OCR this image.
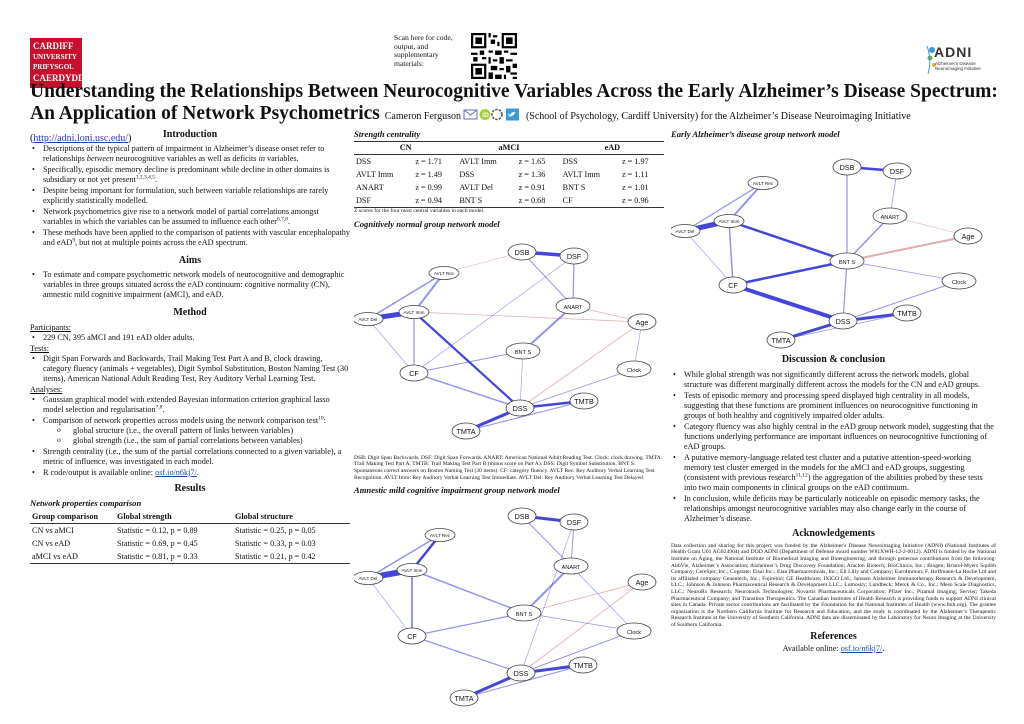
CARDIFF
UNIVERSITY
PRIFYSGOL
CAERDYDD
Scan here for code, output, and supplementary materials:
ADNI
Alzheimer's Disease Neuroimaging Initiative
Understanding the Relationships Between Neurocognitive Variables Across the Early Alzheimer’s Disease Spectrum: An Application of Network Psychometrics Cameron Ferguson	iD	(School of Psychology, Cardiff University) for the Alzheimer’s Disease Neuroimaging Initiative (http://adni.loni.usc.edu/)	Introduction
• Descriptions of the typical pattern of impairment in Alzheimer’s disease onset refer to relationships between neurocognitive variables as well as deficits in variables.
• Specifically, episodic memory decline is predominant while decline in other domains is subsidiary or not yet present$^{1,2,3,4,5}$.
• Despite being important for formulation, such between variable relationships are rarely explicitly statistically modelled.
• Network psychometrics give rise to a network model of partial correlations amongst variables in which the variables can be assumed to influence each other$^{6,7,8}$.
• These methods have been applied to the comparison of patients with vascular encephalopathy and eAD$^9$, but not at multiple points across the eAD spectrum.
Aims
• To estimate and compare psychometric network models of neurocognitive and demographic variables in three groups situated across the eAD continuum: cognitive normality (CN), amnestic mild cognitive impairment (aMCI), and eAD.
Method
Participants:
• 229 CN, 395 aMCI and 191 eAD older adults.
Tests:
• Digit Span Forwards and Backwards, Trail Making Test Part A and B, clock drawing, category fluency (animals + vegetables), Digit Symbol Substitution, Boston Naming Test (30 items), American National Adult Reading Test, Rey Auditory Verbal Learning Test.
Analyses:
• Gaussian graphical model with extended Bayesian information criterion graphical lasso model selection and regularisation$^{7,8}$.
• Comparison of network properties across models using the network comparison test$^{10}$:
o global structure (i.e., the overall pattern of links between variables)
o global strength (i.e., the sum of partial correlations between variables)
• Strength centrality (i.e., the sum of the partial correlations connected to a given variable), a metric of influence, was investigated in each model.
• R code/output is available online: osf.io/n6kj7/.
Results
Network properties comparison
Group comparison	Global strength	Global structure
CN vs aMCI	Statistic = 0.12, p = 0.89	Statistic = 0.25, p = 0.05
CN vs eAD	Statistic = 0.69, p = 0.45	Statistic = 0.33, p = 0.03
aMCI vs eAD	Statistic = 0.81, p = 0.33	Statistic = 0.21, p = 0.42
Strength centrality
CN		aMCI		eAD	
DSS	z = 1.71	AVLT Imm	z = 1.65	DSS	z = 1.97
AVLT Imm	z = 1.49	DSS	z = 1.36	AVLT Imm	z = 1.11
ANART	z = 0.99	AVLT Del	z = 0.91	BNT S	z = 1.01
DSF	z = 0.94	BNT S	z = 0.68	CF	z = 0.96
Z scores for the four most central variables in each model.
Cognitively normal group network model
DSB	DSF
AVLT Rec
AVLT Imm
AVLT Del
ANART
Age
BNT S
CF	Clock
TMTB
DSS
TMTA
DSB: Digit Span Backwards. DSF: Digit Span Forwards. ANART: American National Adult Reading Test. Clock: clock drawing. TMTA: Trail Making Test Part A. TMTB: Trail Making Test Part B (minus score on Part A). DSS: Digit Symbol Substitution. BNT S: Spontaneous correct answers on Boston Naming Test (30 items). CF: category fluency. AVLT Rec: Rey Auditory Verbal Learning Test Recognition. AVLT Imm: Rey Auditory Verbal Learning Test Immediate. AVLT Del: Rey Auditory Verbal Learning Test Delayed.
Amnestic mild cognitive impairment group network model
DSB
DSF
AVLT Rec
AVLT Imm
AVLT Del
ANART
Age
BNT S
CF	Clock
TMTB
DSS
TMTA
Early Alzheimer’s disease group network model
DSB	DSF
AVLT Rec
AVLT Imm
AVLT Del
ANART
Age
BNT S
CF	Clock
TMTB
DSS
TMTA
Discussion & conclusion
• While global strength was not significantly different across the network models, global structure was different marginally different across the models for the CN and eAD groups.
• Tests of episodic memory and processing speed displayed high centrality in all models, suggesting that these functions are prominent influences on neurocognitive functioning in groups of both healthy and cognitively impaired older adults.
• Category fluency was also highly central in the eAD group network model, suggesting that the functions underlying performance are important influences on neurocognitive functioning of eAD groups.
• A putative memory-language related test cluster and a putative attention-speed-working memory test cluster emerged in the models for the aMCI and eAD groups, suggesting (consistent with previous research$^{11,12}$) the aggregation of the abilities probed by these tests into two main components in clinical groups on the eAD continuum.
• In conclusion, while deficits may be particularly noticeable on episodic memory tasks, the relationships amongst neurocognitive variables may also change early in the course of Alzheimer’s disease.
Acknowledgements
Data collection and sharing for this project was funded by the Alzheimer's Disease Neuroimaging Initiative (ADNI) (National Institutes of Health Grant U01 AG024904) and DOD ADNI (Department of Defense award number W81XWH-12-2-0012). ADNI is funded by the National Institute on Aging, the National Institute of Biomedical Imaging and Bioengineering, and through generous contributions from the following: AbbVie, Alzheimer’s Association; Alzheimer’s Drug Discovery Foundation; Araclon Biotech; BioClinica, Inc.; Biogen; Bristol-Myers Squibb Company; CereSpir, Inc.; Cogstate; Eisai Inc.; Elan Pharmaceuticals, Inc.; Eli Lilly and Company; EuroImmun; F. Hoffmann-La Roche Ltd and its affiliated company Genentech, Inc.; Fujirebio; GE Healthcare; IXICO Ltd.; Janssen Alzheimer Immunotherapy Research & Development, LLC.; Johnson & Johnson Pharmaceutical Research & Development LLC.; Lumosity; Lundbeck; Merck & Co., Inc.; Meso Scale Diagnostics, LLC.; NeuroRx Research; Neurotrack Technologies; Novartis Pharmaceuticals Corporation; Pfizer Inc.; Piramal Imaging; Servier; Takeda Pharmaceutical Company; and Transition Therapeutics. The Canadian Institutes of Health Research is providing funds to support ADNI clinical sites in Canada. Private sector contributions are facilitated by the Foundation for the National Institutes of Health (www.fnih.org). The grantee organization is the Northern California Institute for Research and Education, and the study is coordinated by the Alzheimer’s Therapeutic Research Institute at the University of Southern California. ADNI data are disseminated by the Laboratory for Neuro Imaging at the University of Southern California.
References
Available online: osf.io/n6kj7/.
